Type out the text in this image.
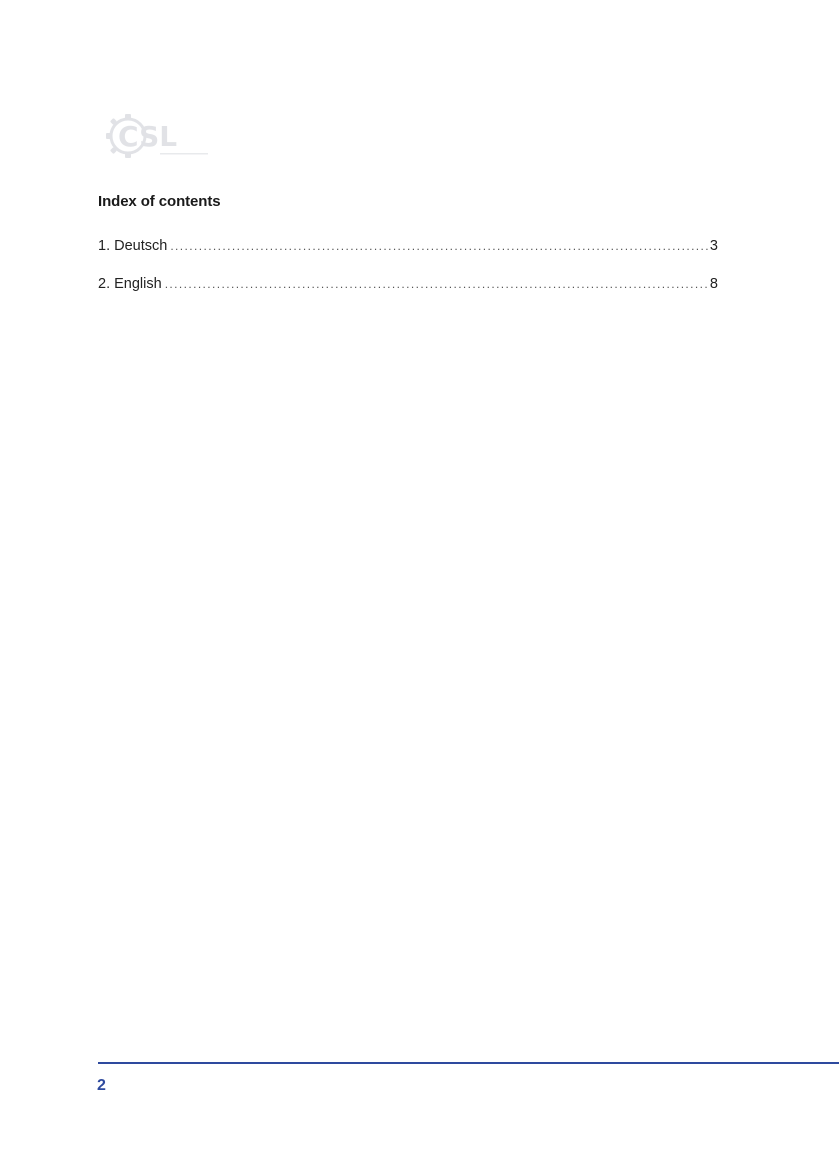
CSL
Index of contents
1. Deutsch .....	3
2. English .....	8
2
